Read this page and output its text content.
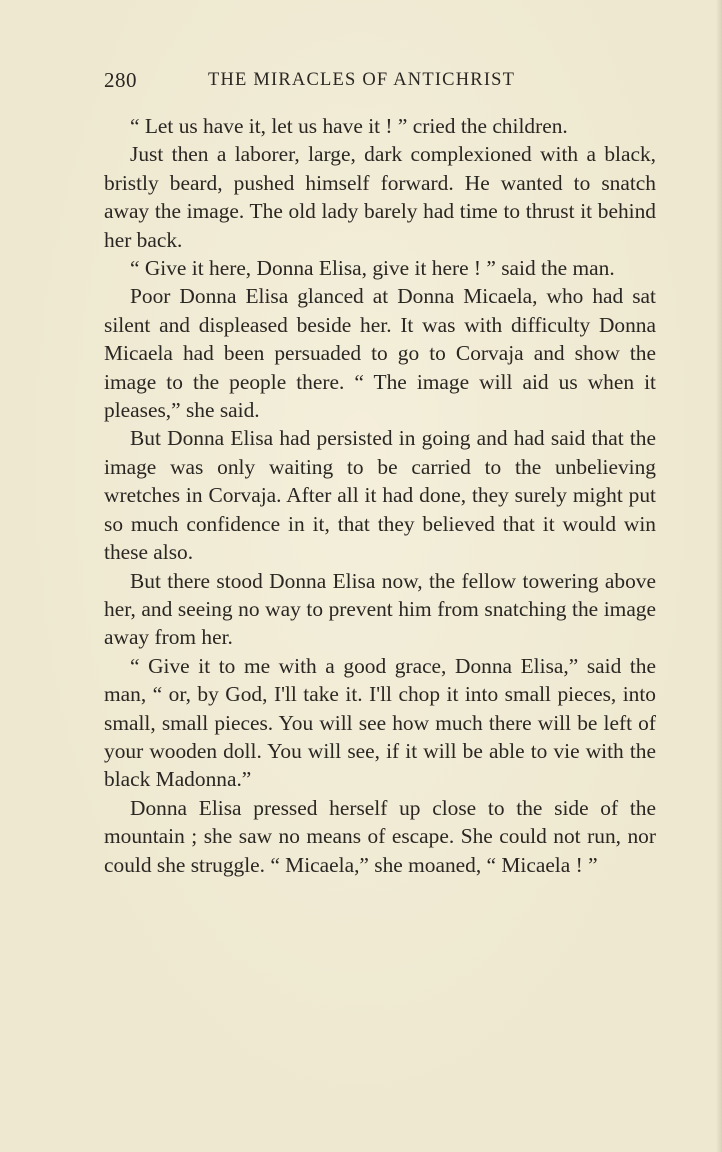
280	THE MIRACLES OF ANTICHRIST

“ Let us have it, let us have it ! ” cried the children.

Just then a laborer, large, dark complexioned with a black, bristly beard, pushed himself forward. He wanted to snatch away the image. The old lady barely had time to thrust it behind her back.

“ Give it here, Donna Elisa, give it here ! ” said the man.

Poor Donna Elisa glanced at Donna Micaela, who had sat silent and displeased beside her. It was with difficulty Donna Micaela had been persuaded to go to Corvaja and show the image to the people there. “ The image will aid us when it pleases,” she said.

But Donna Elisa had persisted in going and had said that the image was only waiting to be carried to the unbelieving wretches in Corvaja. After all it had done, they surely might put so much confidence in it, that they believed that it would win these also.

But there stood Donna Elisa now, the fellow towering above her, and seeing no way to prevent him from snatching the image away from her.

“ Give it to me with a good grace, Donna Elisa,” said the man, “ or, by God, I'll take it. I'll chop it into small pieces, into small, small pieces. You will see how much there will be left of your wooden doll. You will see, if it will be able to vie with the black Madonna.”

Donna Elisa pressed herself up close to the side of the mountain ; she saw no means of escape. She could not run, nor could she struggle. “ Micaela,” she moaned, “ Micaela ! ”
